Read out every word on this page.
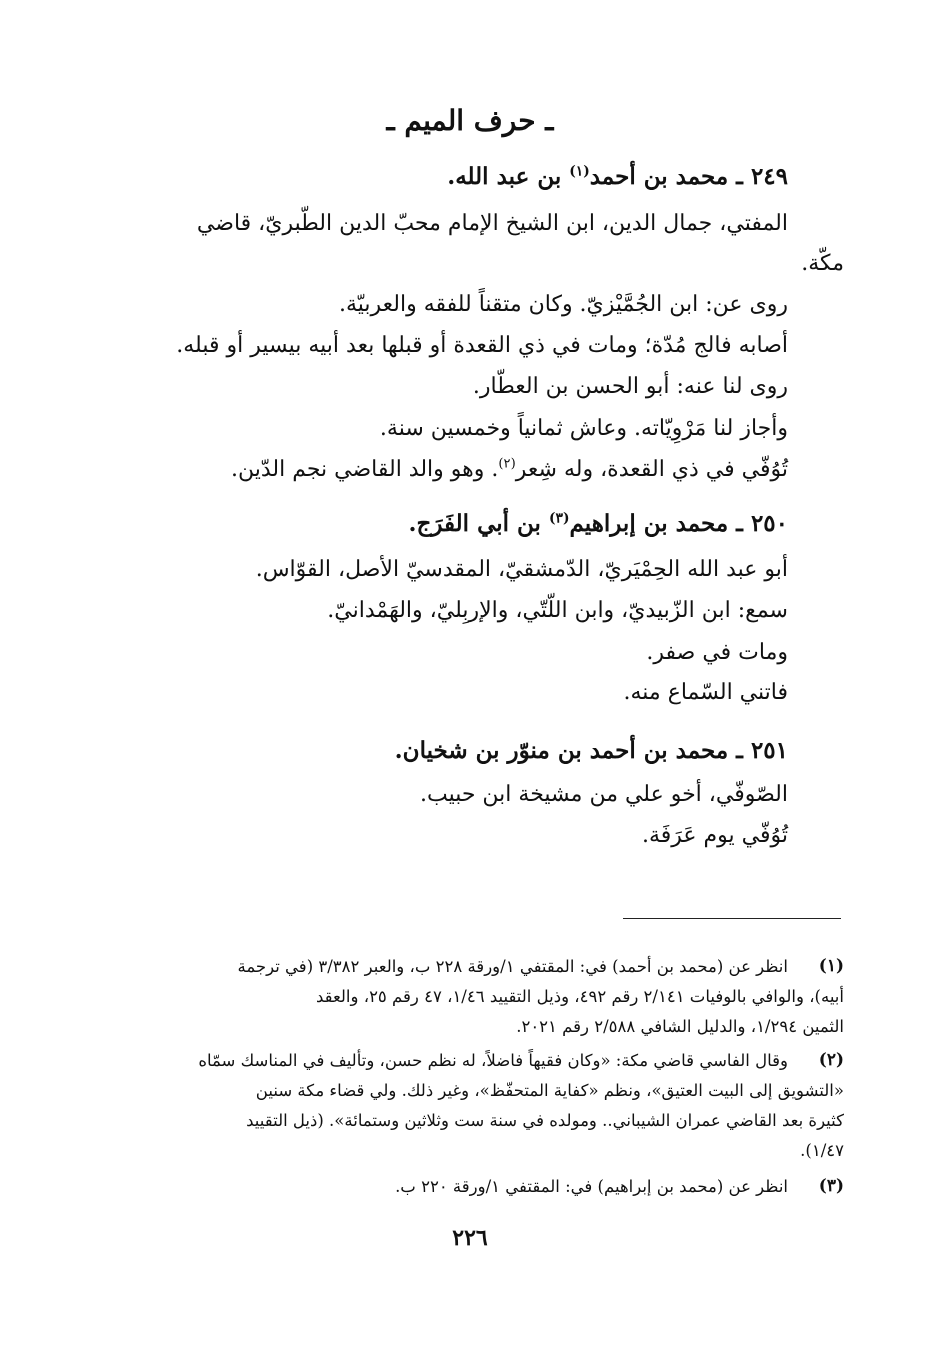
ـ حرف الميم ـ
٢٤٩ ـ محمد بن أحمد$^{(١)}$ بن عبد الله.
المفتي، جمال الدين، ابن الشيخ الإمام محبّ الدين الطّبريّ، قاضي
مكّة.
روى عن: ابن الجُمَّيْزيّ. وكان متقناً للفقه والعربيّة.
أصابه فالج مُدّة؛ ومات في ذي القعدة أو قبلها بعد أبيه بيسير أو قبله.
روى لنا عنه: أبو الحسن بن العطّار.
وأجاز لنا مَرْوِيّاته. وعاش ثمانياً وخمسين سنة.
تُوُفّي في ذي القعدة، وله شِعر$^{(٢)}$. وهو والد القاضي نجم الدّين.
٢٥٠ ـ محمد بن إبراهيم$^{(٣)}$ بن أبي الفَرَج.
أبو عبد الله الحِمْيَريّ، الدّمشقيّ، المقدسيّ الأصل، القوّاس.
سمع: ابن الزّبيديّ، وابن اللّتّي، والإربِليّ، والهَمْدانيّ.
ومات في صفر.
فاتني السّماع منه.
٢٥١ ـ محمد بن أحمد بن منوّر بن شخيان.
الصّوفّي، أخو علي من مشيخة ابن حبيب.
تُوُفّي يوم عَرَفَة.
(١)
انظر عن (محمد بن أحمد) في: المقتفي ١/ورقة ٢٢٨ ب، والعبر ٣/٣٨٢ (في ترجمة
أبيه)، والوافي بالوفيات ٢/١٤١ رقم ٤٩٢، وذيل التقييد ١/٤٦، ٤٧ رقم ٢٥، والعقد
الثمين ١/٢٩٤، والدليل الشافي ٢/٥٨٨ رقم ٢٠٢١.
(٢)
وقال الفاسي قاضي مكة: «وكان فقيهاً فاضلاً، له نظم حسن، وتأليف في المناسك سمّاه
«التشويق إلى البيت العتيق»، ونظم «كفاية المتحفّظ»، وغير ذلك. ولي قضاء مكة سنين
كثيرة بعد القاضي عمران الشيباني.. ومولده في سنة ست وثلاثين وستمائة». (ذيل التقييد
١/٤٧).
(٣)
انظر عن (محمد بن إبراهيم) في: المقتفي ١/ورقة ٢٢٠ ب.
٢٢٦
